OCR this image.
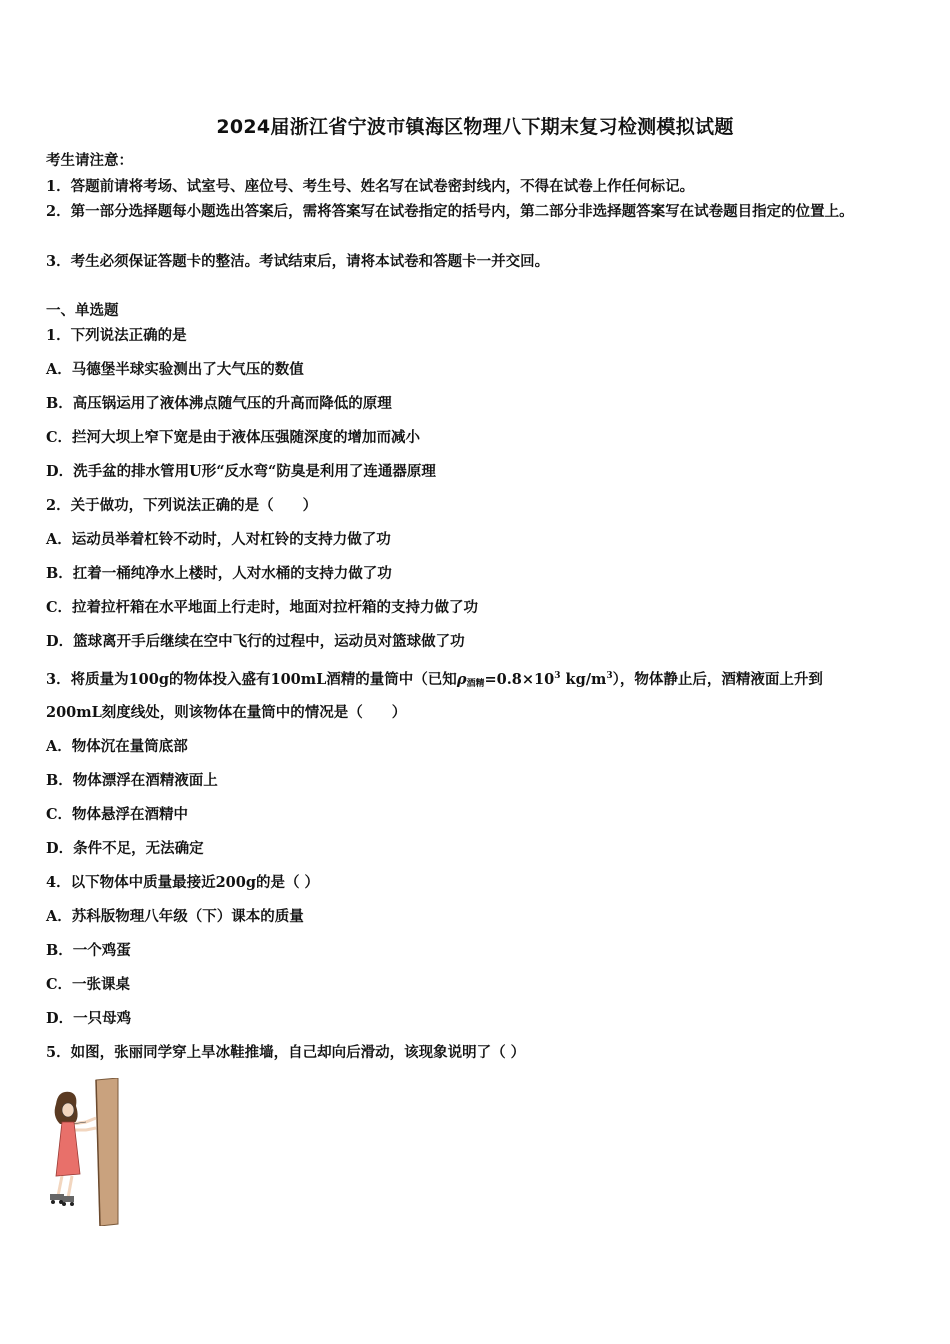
2024届浙江省宁波市镇海区物理八下期末复习检测模拟试题
考生请注意：
1．答题前请将考场、试室号、座位号、考生号、姓名写在试卷密封线内，不得在试卷上作任何标记。
2．第一部分选择题每小题选出答案后，需将答案写在试卷指定的括号内，第二部分非选择题答案写在试卷题目指定的位置上。
3．考生必须保证答题卡的整洁。考试结束后，请将本试卷和答题卡一并交回。
一、单选题
1．下列说法正确的是
A．马德堡半球实验测出了大气压的数值
B．高压锅运用了液体沸点随气压的升高而降低的原理
C．拦河大坝上窄下宽是由于液体压强随深度的增加而减小
D．洗手盆的排水管用U形“反水弯“防臭是利用了连通器原理
2．关于做功，下列说法正确的是（　　）
A．运动员举着杠铃不动时，人对杠铃的支持力做了功
B．扛着一桶纯净水上楼时，人对水桶的支持力做了功
C．拉着拉杆箱在水平地面上行走时，地面对拉杆箱的支持力做了功
D．篮球离开手后继续在空中飞行的过程中，运动员对篮球做了功
3．将质量为100g的物体投入盛有100mL酒精的量筒中（已知$\rho_{酒精}=0.8\times 10^3$ $kg/m^3$），物体静止后，酒精液面上升到
200mL刻度线处，则该物体在量筒中的情况是（　　）
A．物体沉在量筒底部
B．物体漂浮在酒精液面上
C．物体悬浮在酒精中
D．条件不足，无法确定
4．以下物体中质量最接近200g的是（ ）
A．苏科版物理八年级（下）课本的质量
B．一个鸡蛋
C．一张课桌
D．一只母鸡
5．如图，张丽同学穿上旱冰鞋推墙，自己却向后滑动，该现象说明了（ ）
